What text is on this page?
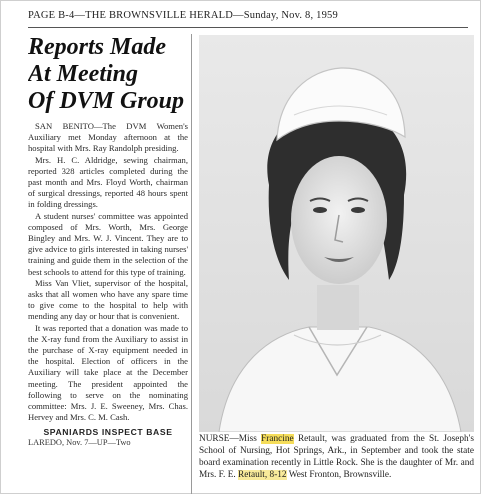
PAGE B-4—THE BROWNSVILLE HERALD—Sunday, Nov. 8, 1959
Reports Made
At Meeting
Of DVM Group
SAN BENITO—The DVM Women's Auxiliary met Monday afternoon at the hospital with Mrs. Ray Randolph presiding.
Mrs. H. C. Aldridge, sewing chairman, reported 328 articles completed during the past month and Mrs. Floyd Worth, chairman of surgical dressings, reported 48 hours spent in folding dressings.
A student nurses' committee was appointed composed of Mrs. Worth, Mrs. George Bingley and Mrs. W. J. Vincent. They are to give advice to girls interested in taking nurses' training and guide them in the selection of the best schools to attend for this type of training.
Miss Van Vliet, supervisor of the hospital, asks that all women who have any spare time to give come to the hospital to help with mending any day or hour that is convenient.
It was reported that a donation was made to the X-ray fund from the Auxiliary to assist in the purchase of X-ray equipment needed in the hospital. Election of officers in the Auxiliary will take place at the December meeting. The president appointed the following to serve on the nominating committee: Mrs. J. E. Sweeney, Mrs. Chas. Hervey and Mrs. C. M. Cash.
SPANIARDS INSPECT BASE
LAREDO, Nov. 7—UP—Two	NURSE—Miss Francine Retault, was graduated from the St. Joseph's School of Nursing, Hot Springs, Ark., in September and took the state board examination recently in Little Rock. She is the daughter of Mr. and Mrs. F. E. Retault, 8-12 West Fronton, Brownsville.
